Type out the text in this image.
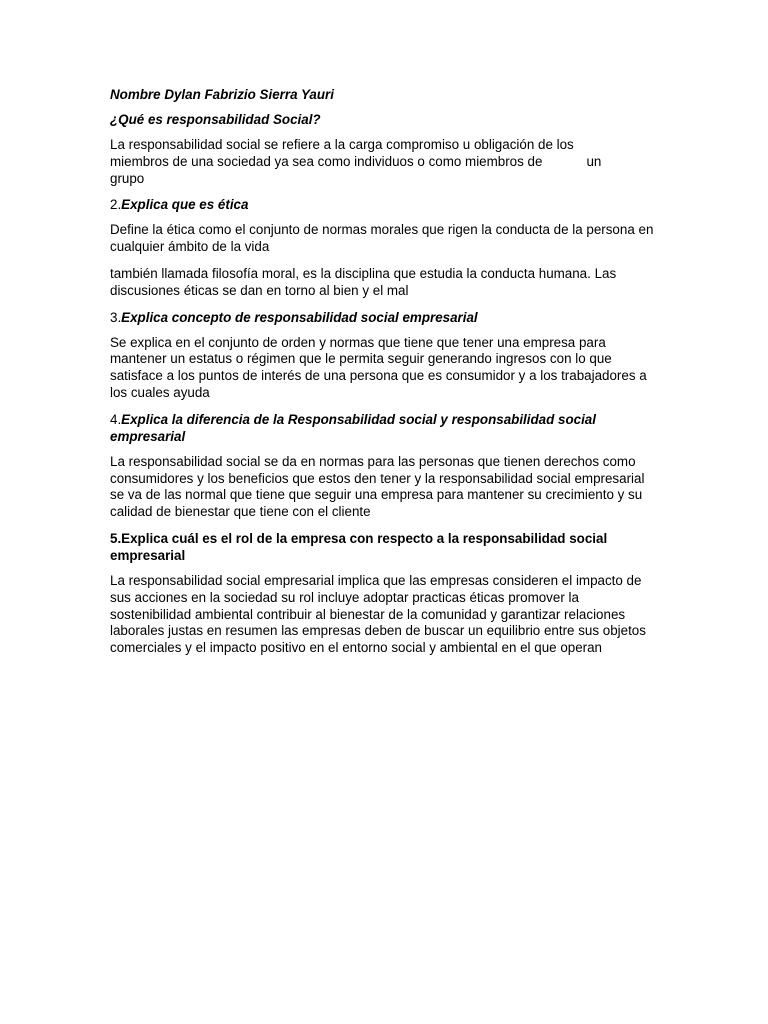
Nombre Dylan Fabrizio Sierra Yauri

¿Qué es responsabilidad Social?

La responsabilidad social se refiere a la carga compromiso u obligación de los
miembros de una sociedad ya sea como individuos o como miembros de	un
grupo

2.Explica que es ética

Define la ética como el conjunto de normas morales que rigen la conducta de la persona en cualquier ámbito de la vida

también llamada filosofía moral, es la disciplina que estudia la conducta humana. Las discusiones éticas se dan en torno al bien y el mal

3.Explica concepto de responsabilidad social empresarial

Se explica en el conjunto de orden y normas que tiene que tener una empresa para mantener un estatus o régimen que le permita seguir generando ingresos con lo que satisface a los puntos de interés de una persona que es consumidor y a los trabajadores a los cuales ayuda

4.Explica la diferencia de la Responsabilidad social y responsabilidad social empresarial

La responsabilidad social se da en normas para las personas que tienen derechos como consumidores y los beneficios que estos den tener y la responsabilidad social empresarial se va de las normal que tiene que seguir una empresa para mantener su crecimiento y su calidad de bienestar que tiene con el cliente

5.Explica cuál es el rol de la empresa con respecto a la responsabilidad social empresarial

La responsabilidad social empresarial implica que las empresas consideren el impacto de sus acciones en la sociedad su rol incluye adoptar practicas éticas promover la sostenibilidad ambiental contribuir al bienestar de la comunidad y garantizar relaciones laborales justas en resumen las empresas deben de buscar un equilibrio entre sus objetos comerciales y el impacto positivo en el entorno social y ambiental en el que operan
